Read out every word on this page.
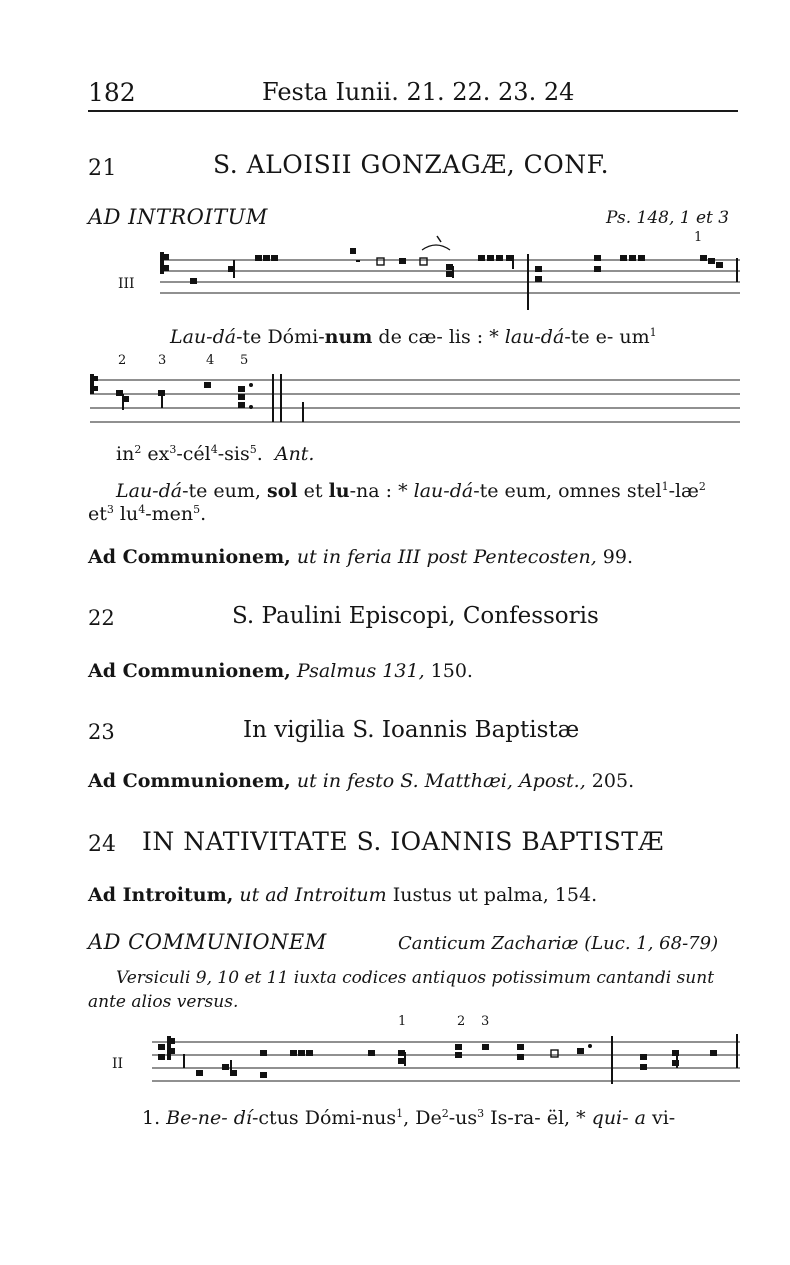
182	Festa Iunii. 21. 22. 23. 24
21	S. ALOISII GONZAGÆ, CONF.
AD INTROITUM	Ps. 148, 1 et 3
III
1
Lau-dá-te Dómi-num de cæ- lis : * lau-dá-te e- $um^1$
2 3	4 5
$in^2$ $ex^3-cél^4-sis^5$.  Ant.
Lau-dá-te eum, sol et lu-na : * lau-dá-te eum, omnes $stel^1-læ^2$
$et^3$ $lu^4-men^5$.
Ad Communionem, ut in feria III post Pentecosten, 99.
22	S. Paulini Episcopi, Confessoris
Ad Communionem, Psalmus 131, 150.
23	In vigilia S. Ioannis Baptistæ
Ad Communionem, ut in festo S. Matthæi, Apost., 205.
24 IN NATIVITATE S. IOANNIS BAPTISTÆ
Ad Introitum, ut ad Introitum Iustus ut palma, 154.
AD COMMUNIONEM	Canticum Zachariæ (Luc. 1, 68-79)
Versiculi 9, 10 et 11 iuxta codices antiquos potissimum cantandi sunt
ante alios versus.
1	2 3
II
1. Be-ne- dí-ctus Dómi-nus$^1$, $De^2-us^3$ Is-ra- ël, * qui- a vi-
